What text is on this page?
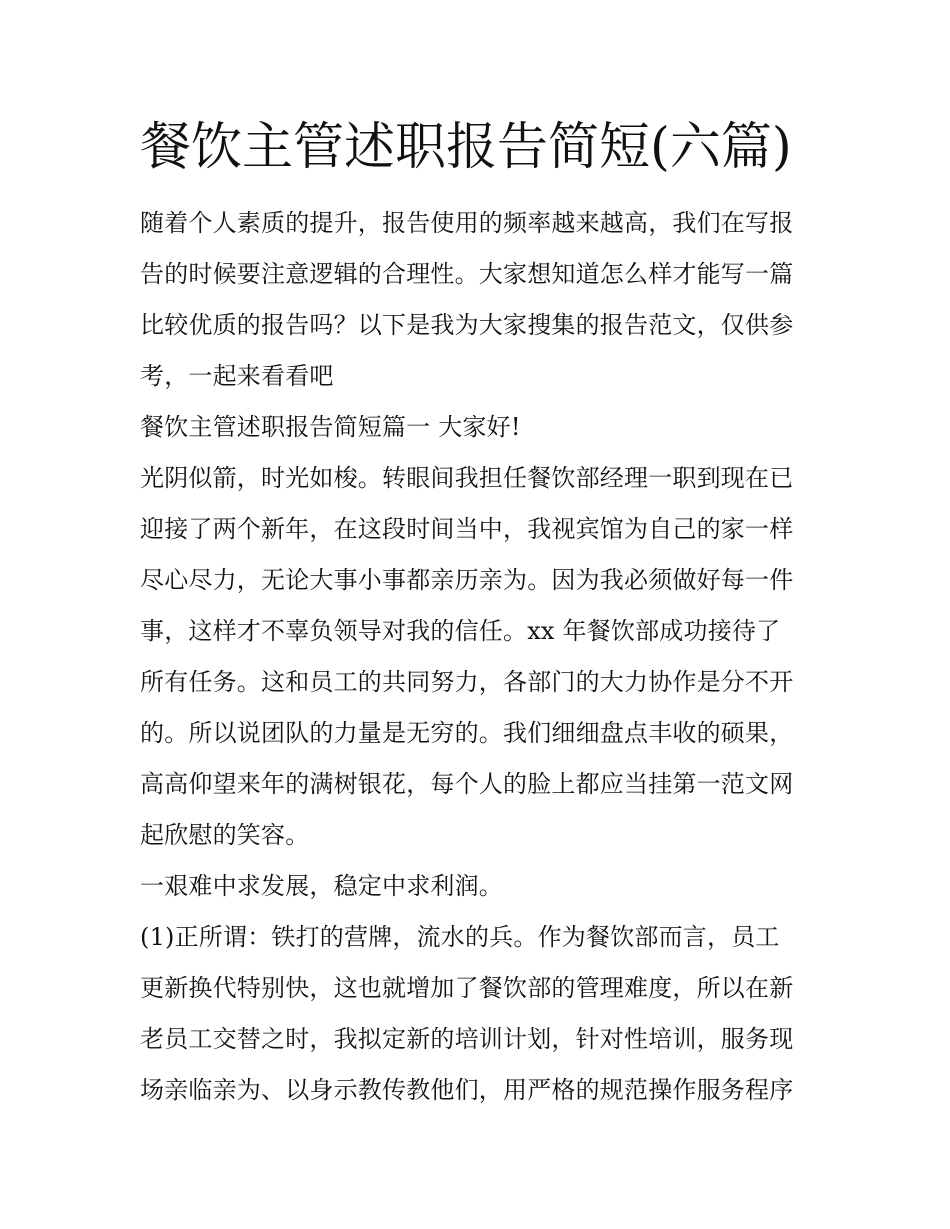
餐饮主管述职报告简短(六篇)
随着个人素质的提升，报告使用的频率越来越高，我们在写报
告的时候要注意逻辑的合理性。大家想知道怎么样才能写一篇
比较优质的报告吗？以下是我为大家搜集的报告范文，仅供参
考，一起来看看吧
餐饮主管述职报告简短篇一 大家好!
光阴似箭，时光如梭。转眼间我担任餐饮部经理一职到现在已
迎接了两个新年，在这段时间当中，我视宾馆为自己的家一样
尽心尽力，无论大事小事都亲历亲为。因为我必须做好每一件
事，这样才不辜负领导对我的信任。xx 年餐饮部成功接待了
所有任务。这和员工的共同努力，各部门的大力协作是分不开
的。所以说团队的力量是无穷的。我们细细盘点丰收的硕果，
高高仰望来年的满树银花，每个人的脸上都应当挂第一范文网
起欣慰的笑容。
一艰难中求发展，稳定中求利润。
(1)正所谓：铁打的营牌，流水的兵。作为餐饮部而言，员工
更新换代特别快，这也就增加了餐饮部的管理难度，所以在新
老员工交替之时，我拟定新的培训计划，针对性培训，服务现
场亲临亲为、以身示教传教他们，用严格的规范操作服务程序
